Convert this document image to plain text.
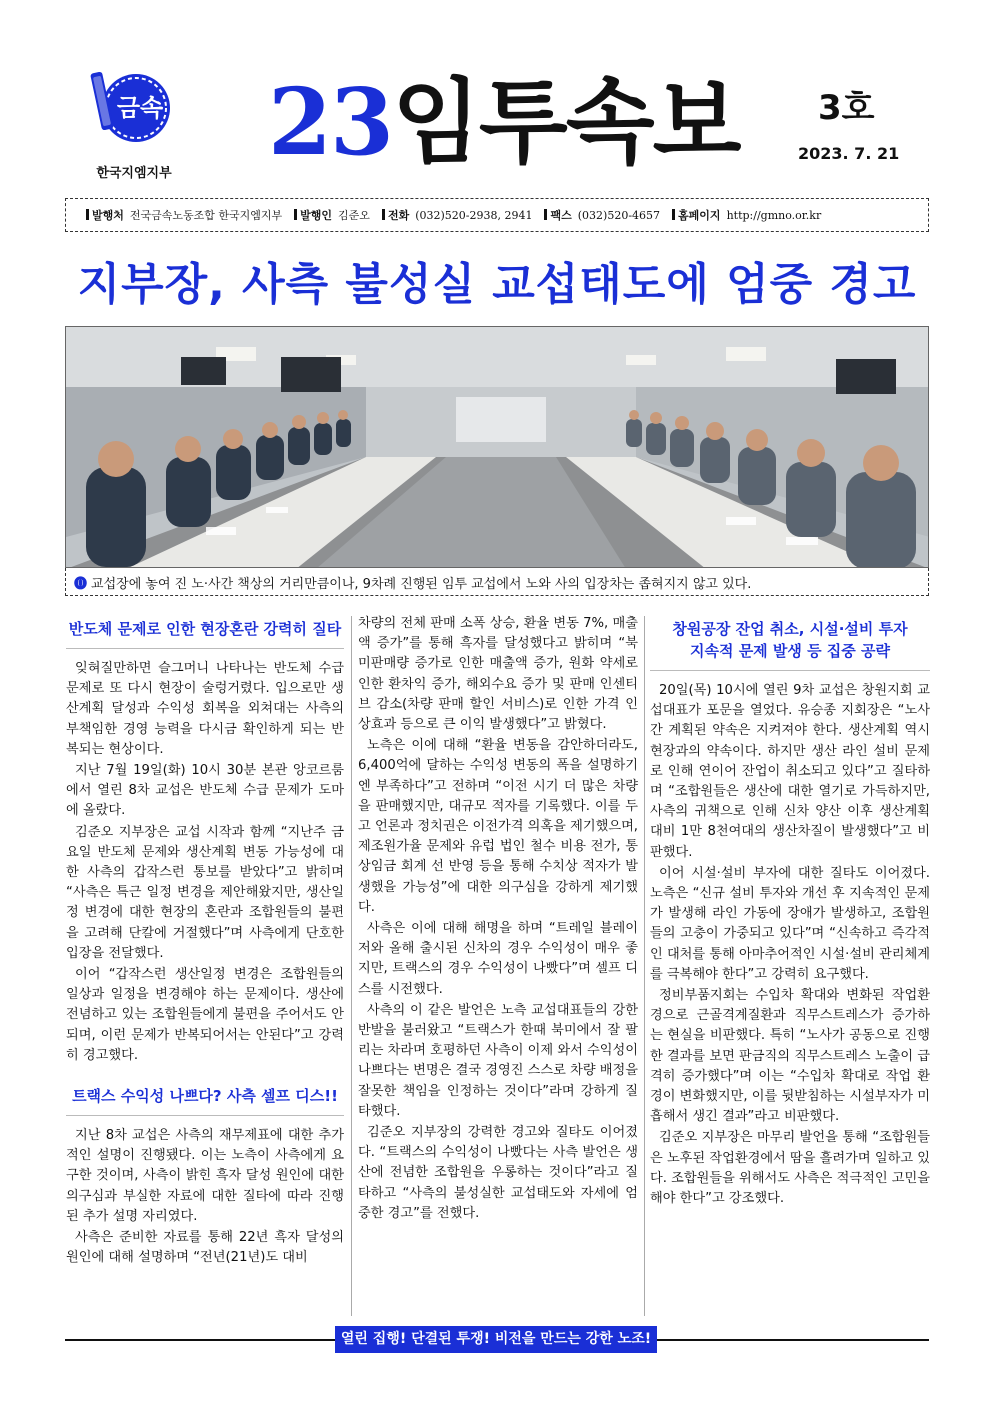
금속
한국지엠지부 23임투속보 3호
2023. 7. 21
발행처 전국금속노동조합 한국지엠지부	발행인 김준오	전화 (032)520-2938, 2941	팩스 (032)520-4657	홈페이지 http://gmno.or.kr
지부장, 사측 불성실 교섭태도에 엄중 경고
⓿ 교섭장에 놓여 진 노·사간 책상의 거리만큼이나, 9차례 진행된 임투 교섭에서 노와 사의 입장차는 좁혀지지 않고 있다.
반도체 문제로 인한 현장혼란 강력히 질타

잊혀질만하면 슬그머니 나타나는 반도체 수급문제로 또 다시 현장이 술렁거렸다. 입으로만 생산계획 달성과 수익성 회복을 외쳐대는 사측의 부책임한 경영 능력을 다시금 확인하게 되는 반복되는 현상이다.

지난 7월 19일(화) 10시 30분 본관 앙코르룸에서 열린 8차 교섭은 반도체 수급 문제가 도마에 올랐다.

김준오 지부장은 교섭 시작과 함께 “지난주 금요일 반도체 문제와 생산계획 변동 가능성에 대한 사측의 갑작스런 통보를 받았다”고 밝히며 “사측은 특근 일정 변경을 제안해왔지만, 생산일정 변경에 대한 현장의 혼란과 조합원들의 불편을 고려해 단칼에 거절했다”며 사측에게 단호한 입장을 전달했다.

이어 “갑작스런 생산일정 변경은 조합원들의 일상과 일정을 변경해야 하는 문제이다. 생산에 전념하고 있는 조합원들에게 불편을 주어서도 안되며, 이런 문제가 반복되어서는 안된다”고 강력히 경고했다.

트랙스 수익성 나쁘다? 사측 셀프 디스!!

지난 8차 교섭은 사측의 재무제표에 대한 추가적인 설명이 진행됐다. 이는 노측이 사측에게 요구한 것이며, 사측이 밝힌 흑자 달성 원인에 대한 의구심과 부실한 자료에 대한 질타에 따라 진행된 추가 설명 자리였다.

사측은 준비한 자료를 통해 22년 흑자 달성의 원인에 대해 설명하며 “전년(21년)도 대비

차량의 전체 판매 소폭 상승, 환율 변동 7%, 매출액 증가”를 통해 흑자를 달성했다고 밝히며 “북미판매량 증가로 인한 매출액 증가, 원화 약세로 인한 환차익 증가, 해외수요 증가 및 판매 인센티브 감소(차량 판매 할인 서비스)로 인한 가격 인상효과 등으로 큰 이익 발생했다”고 밝혔다.

노측은 이에 대해 “환율 변동을 감안하더라도, 6,400억에 달하는 수익성 변동의 폭을 설명하기엔 부족하다”고 전하며 “이전 시기 더 많은 차량을 판매했지만, 대규모 적자를 기록했다. 이를 두고 언론과 정치권은 이전가격 의혹을 제기했으며, 제조원가율 문제와 유럽 법인 철수 비용 전가, 통상임금 회계 선 반영 등을 통해 수치상 적자가 발생했을 가능성”에 대한 의구심을 강하게 제기했다.

사측은 이에 대해 해명을 하며 “트레일 블레이저와 올해 출시된 신차의 경우 수익성이 매우 좋지만, 트랙스의 경우 수익성이 나빴다”며 셀프 디스를 시전했다.

사측의 이 같은 발언은 노측 교섭대표들의 강한 반발을 불러왔고 “트랙스가 한때 북미에서 잘 팔리는 차라며 호평하던 사측이 이제 와서 수익성이 나쁘다는 변명은 결국 경영진 스스로 차량 배정을 잘못한 책임을 인정하는 것이다”라며 강하게 질타했다.

김준오 지부장의 강력한 경고와 질타도 이어졌다. “트랙스의 수익성이 나빴다는 사측 발언은 생산에 전념한 조합원을 우롱하는 것이다”라고 질타하고 “사측의 불성실한 교섭태도와 자세에 엄중한 경고”를 전했다.

창원공장 잔업 취소, 시설·설비 투자
지속적 문제 발생 등 집중 공략

20일(목) 10시에 열린 9차 교섭은 창원지회 교섭대표가 포문을 열었다. 유승종 지회장은 “노사 간 계획된 약속은 지켜져야 한다. 생산계획 역시 현장과의 약속이다. 하지만 생산 라인 설비 문제로 인해 연이어 잔업이 취소되고 있다”고 질타하며 “조합원들은 생산에 대한 열기로 가득하지만, 사측의 귀책으로 인해 신차 양산 이후 생산계획 대비 1만 8천여대의 생산차질이 발생했다”고 비판했다.

이어 시설·설비 부자에 대한 질타도 이어졌다. 노측은 “신규 설비 투자와 개선 후 지속적인 문제가 발생해 라인 가동에 장애가 발생하고, 조합원들의 고충이 가중되고 있다”며 “신속하고 즉각적인 대처를 통해 아마추어적인 시설·설비 관리체계를 극복해야 한다”고 강력히 요구했다.

정비부품지회는 수입차 확대와 변화된 작업환경으로 근골격계질환과 직무스트레스가 증가하는 현실을 비판했다. 특히 “노사가 공동으로 진행한 결과를 보면 판금직의 직무스트레스 노출이 급격히 증가했다”며 이는 “수입차 확대로 작업 환경이 변화했지만, 이를 뒷받침하는 시설부자가 미흡해서 생긴 결과”라고 비판했다.

김준오 지부장은 마무리 발언을 통해 “조합원들은 노후된 작업환경에서 땀을 흘려가며 일하고 있다. 조합원들을 위해서도 사측은 적극적인 고민을 해야 한다”고 강조했다.

열린 집행! 단결된 투쟁! 비전을 만드는 강한 노조!
